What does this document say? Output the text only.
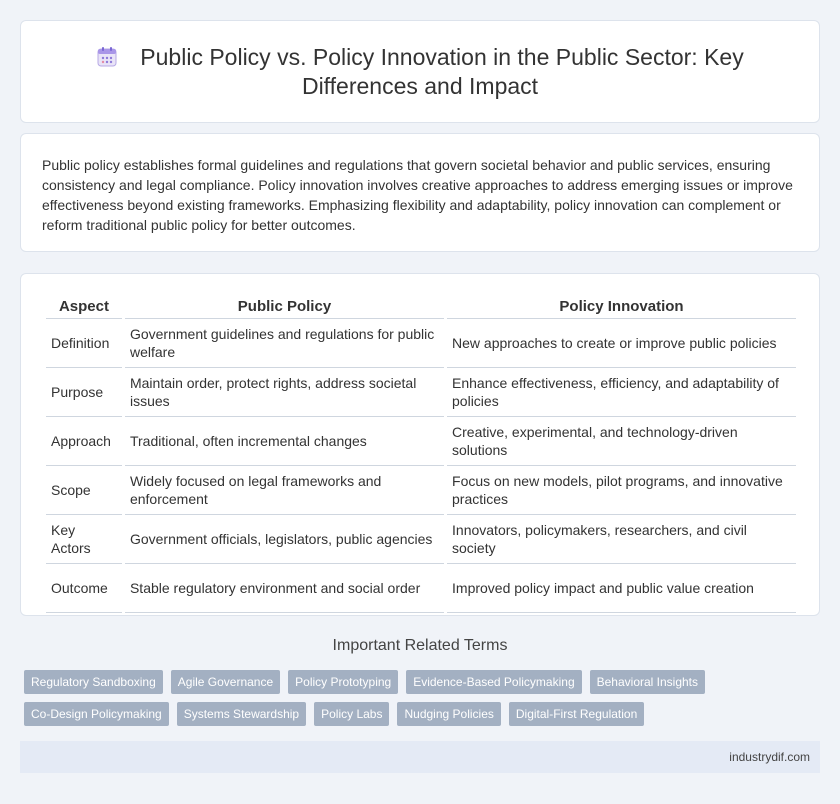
Public Policy vs. Policy Innovation in the Public Sector: Key Differences and Impact

Public policy establishes formal guidelines and regulations that govern societal behavior and public services, ensuring consistency and legal compliance. Policy innovation involves creative approaches to address emerging issues or improve effectiveness beyond existing frameworks. Emphasizing flexibility and adaptability, policy innovation can complement or reform traditional public policy for better outcomes.

Aspect	Public Policy	Policy Innovation
Definition	Government guidelines and regulations for public welfare	New approaches to create or improve public policies
Purpose	Maintain order, protect rights, address societal issues	Enhance effectiveness, efficiency, and adaptability of policies
Approach	Traditional, often incremental changes	Creative, experimental, and technology-driven solutions
Scope	Widely focused on legal frameworks and enforcement	Focus on new models, pilot programs, and innovative practices
Key Actors	Government officials, legislators, public agencies	Innovators, policymakers, researchers, and civil society
Outcome	Stable regulatory environment and social order	Improved policy impact and public value creation
Important Related Terms
Regulatory Sandboxing	Agile Governance	Policy Prototyping	Evidence-Based Policymaking	Behavioral Insights
Co-Design Policymaking	Systems Stewardship	Policy Labs	Nudging Policies	Digital-First Regulation
industrydif.com
